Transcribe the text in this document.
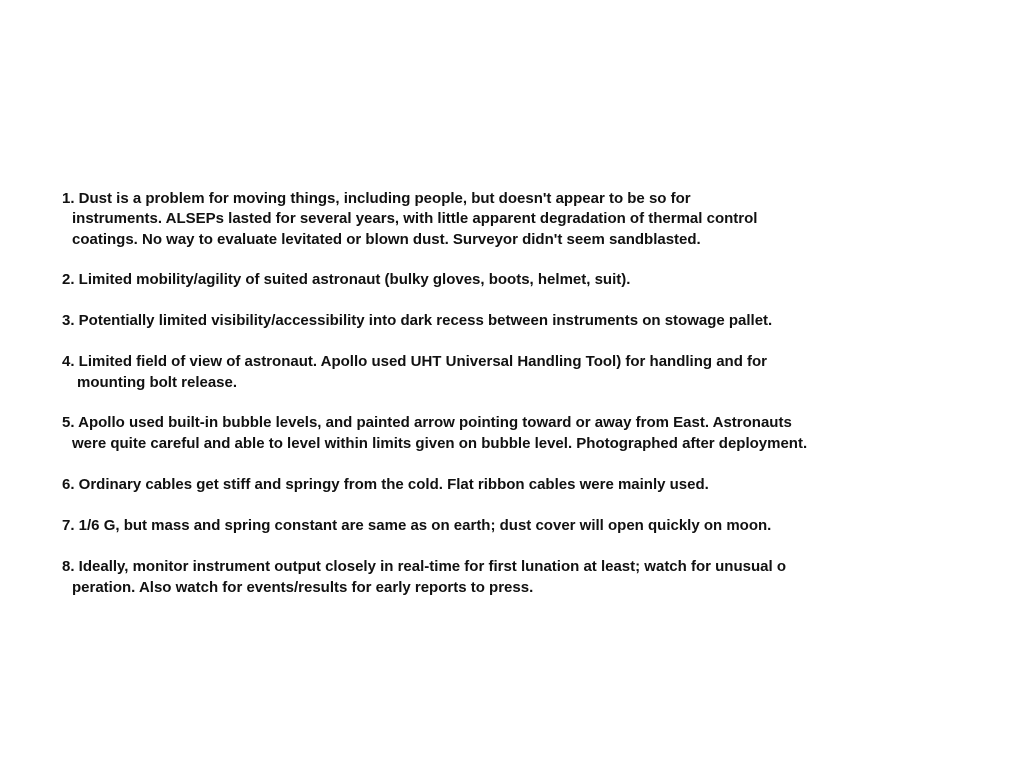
1. Dust is a problem for moving things, including people, but doesn't appear to be so for
instruments. ALSEPs lasted for several years, with little apparent degradation of thermal control
coatings. No way to evaluate levitated or blown dust. Surveyor didn't seem sandblasted.
2. Limited mobility/agility of suited astronaut (bulky gloves, boots, helmet, suit).
3. Potentially limited visibility/accessibility into dark recess between instruments on stowage pallet.
4. Limited field of view of astronaut. Apollo used UHT Universal Handling Tool) for handling and for
mounting bolt release.
5. Apollo used built-in bubble levels, and painted arrow pointing toward or away from East. Astronauts
were quite careful and able to level within limits given on bubble level. Photographed after deployment.
6. Ordinary cables get stiff and springy from the cold. Flat ribbon cables were mainly used.
7. 1/6 G, but mass and spring constant are same as on earth; dust cover will open quickly on moon.
8. Ideally, monitor instrument output closely in real-time for first lunation at least; watch for unusual o
peration. Also watch for events/results for early reports to press.
